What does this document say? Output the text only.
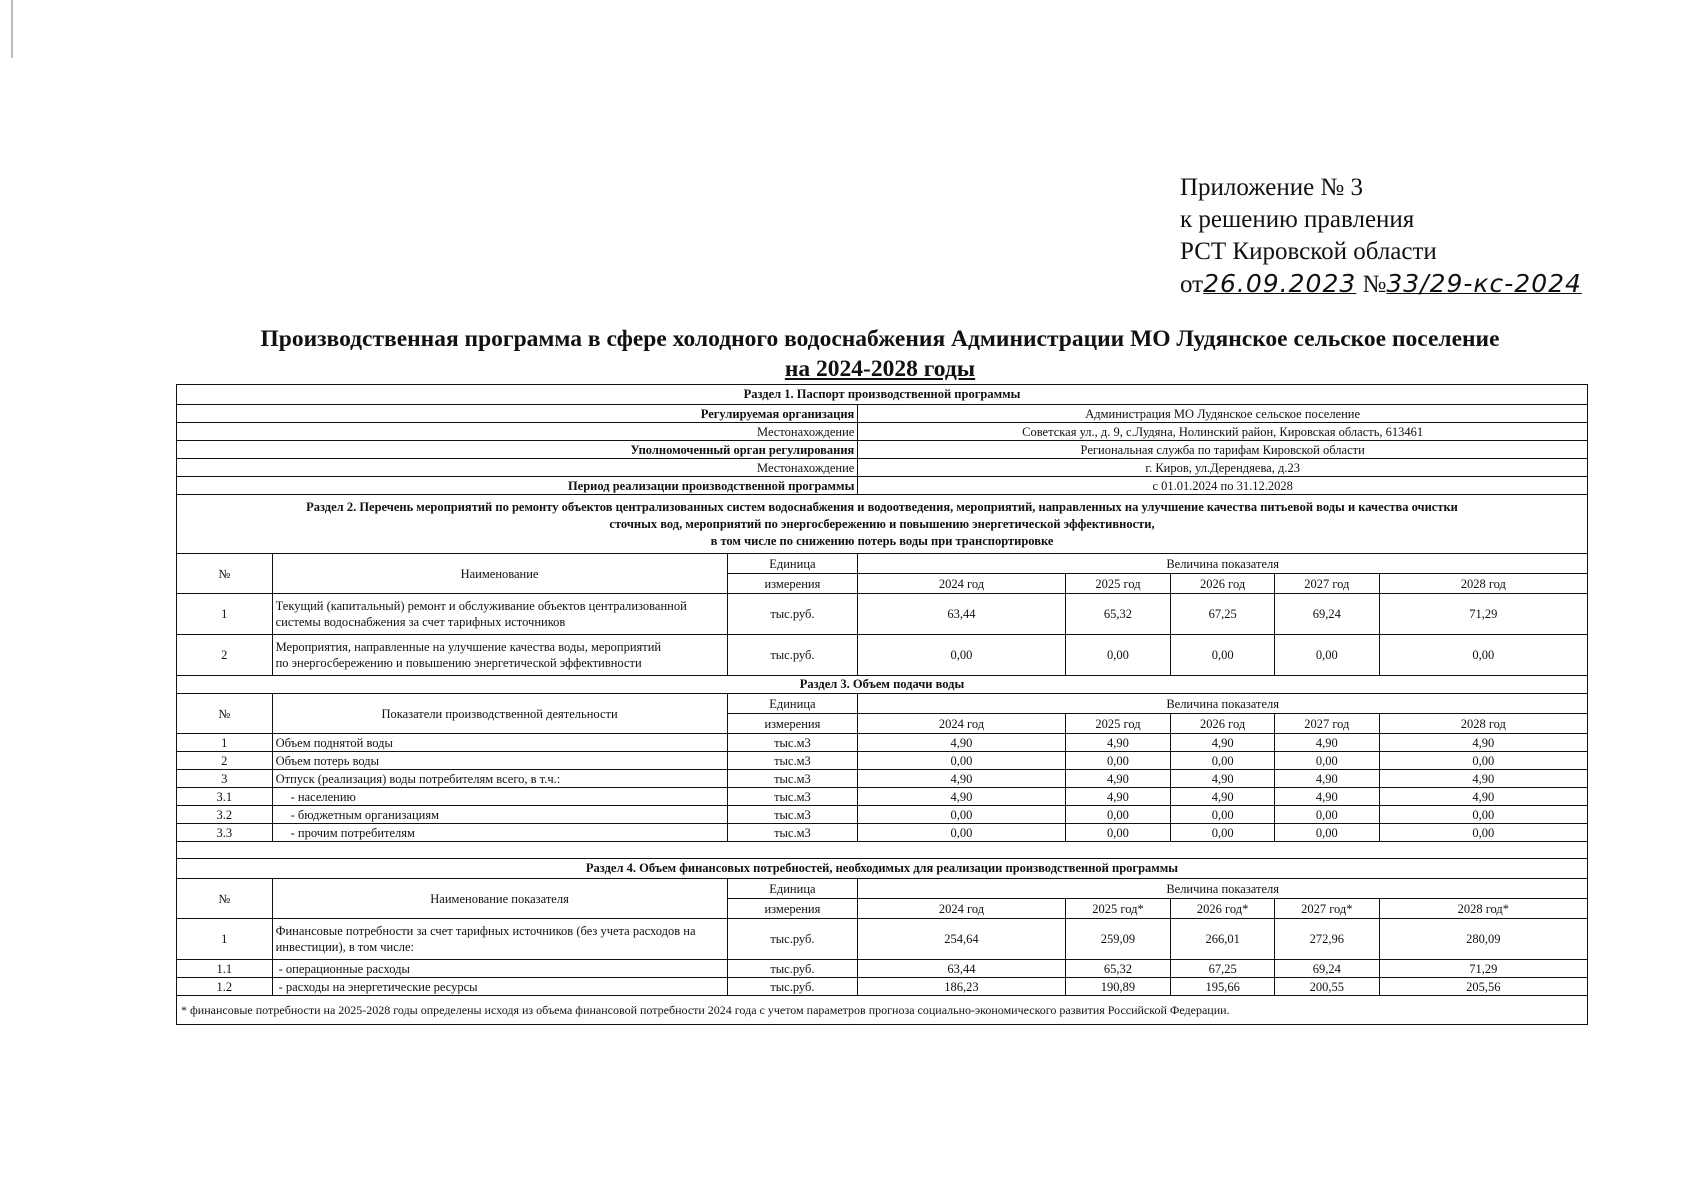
Приложение № 3
к решению правления
РСТ Кировской области
от26.09.2023 №33/29-кс-2024
Производственная программа в сфере холодного водоснабжения Администрации МО Лудянское сельское поселение
на 2024-2028 годы
Раздел 1. Паспорт производственной программы							
Регулируемая организация			Администрация МО Лудянское сельское поселение				
Местонахождение			Советская ул., д. 9, с.Лудяна, Нолинский район, Кировская область, 613461				
Уполномоченный орган регулирования			Региональная служба по тарифам Кировской области				
Местонахождение			г. Киров, ул.Дерендяева, д.23				
Период реализации производственной программы			с 01.01.2024 по 31.12.2028				

Раздел 2. Перечень мероприятий по ремонту объектов централизованных систем водоснабжения и водоотведения, мероприятий, направленных на улучшение качества питьевой воды и качества очистки
сточных вод, мероприятий по энергосбережению и повышению энергетической эффективности,
в том числе по снижению потерь воды при транспортировке							

№	Наименование	Единица	Величина показателя				
		измерения	2024 год	2025 год	2026 год	2027 год	2028 год
1	Текущий (капитальный) ремонт и обслуживание объектов централизованной системы водоснабжения за счет тарифных источников	тыс.руб.	63,44	65,32	67,25	69,24	71,29
2	Мероприятия, направленные на улучшение качества воды, мероприятий
по энергосбережению и повышению энергетической эффективности	тыс.руб.	0,00	0,00	0,00	0,00	0,00
Раздел 3. Объем подачи воды							
№	Показатели производственной деятельности	Единица	Величина показателя				
		измерения	2024 год	2025 год	2026 год	2027 год	2028 год
1	Объем поднятой воды	тыс.м3	4,90	4,90	4,90	4,90	4,90
2	Объем потерь воды	тыс.м3	0,00	0,00	0,00	0,00	0,00
3	Отпуск (реализация) воды потребителям всего, в т.ч.:	тыс.м3	4,90	4,90	4,90	4,90	4,90
3.1	- населению	тыс.м3	4,90	4,90	4,90	4,90	4,90
3.2	- бюджетным организациям	тыс.м3	0,00	0,00	0,00	0,00	0,00
3.3	- прочим потребителям	тыс.м3	0,00	0,00	0,00	0,00	0,00

Раздел 4. Объем финансовых потребностей, необходимых для реализации производственной программы							
№	Наименование показателя	Единица	Величина показателя				
		измерения	2024 год	2025 год*	2026 год*	2027 год*	2028 год*
1	Финансовые потребности за счет тарифных источников (без учета расходов на инвестиции), в том числе:	тыс.руб.	254,64	259,09	266,01	272,96	280,09
1.1	- операционные расходы	тыс.руб.	63,44	65,32	67,25	69,24	71,29
1.2	- расходы на энергетические ресурсы	тыс.руб.	186,23	190,89	195,66	200,55	205,56
* финансовые потребности на 2025-2028 годы определены исходя из объема финансовой потребности 2024 года с учетом параметров прогноза социально-экономического развития Российской Федерации.							
